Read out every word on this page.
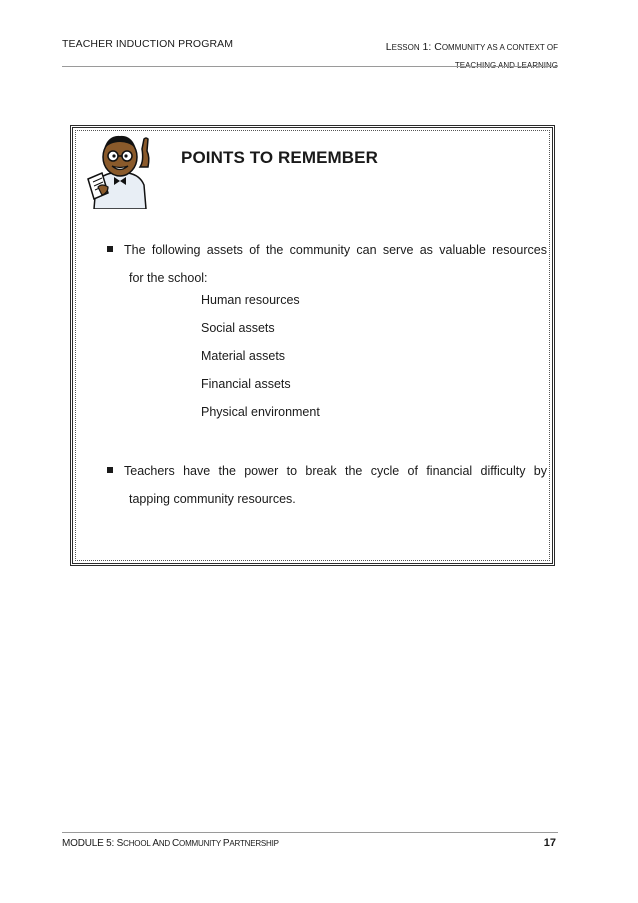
TEACHER INDUCTION PROGRAM	LESSON 1: COMMUNITY AS A CONTEXT OF
TEACHING AND LEARNING
POINTS TO REMEMBER
The following assets of the community can serve as valuable resources
for the school:
Human resources
Social assets
Material assets
Financial assets
Physical environment
Teachers have the power to break the cycle of financial difficulty by
tapping community resources.
MODULE 5: SCHOOL AND COMMUNITY PARTNERSHIP	17
